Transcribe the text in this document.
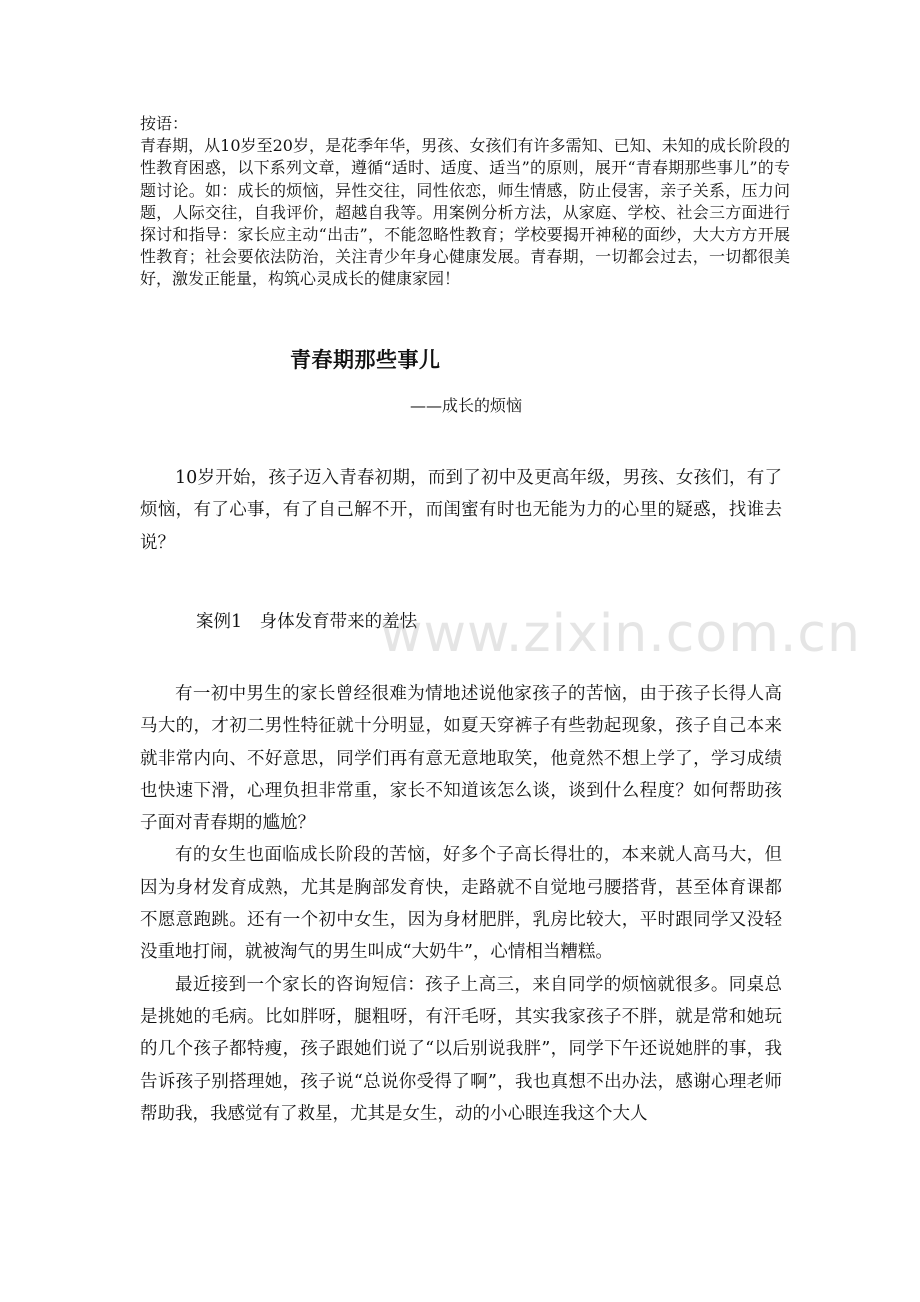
按语：

青春期，从10岁至20岁，是花季年华，男孩、女孩们有许多需知、已知、未知的成长阶段的性教育困惑，以下系列文章，遵循“适时、适度、适当”的原则，展开“青春期那些事儿”的专题讨论。如：成长的烦恼，异性交往，同性依恋，师生情感，防止侵害，亲子关系，压力问题，人际交往，自我评价，超越自我等。用案例分析方法，从家庭、学校、社会三方面进行探讨和指导：家长应主动“出击”，不能忽略性教育；学校要揭开神秘的面纱，大大方方开展性教育；社会要依法防治，关注青少年身心健康发展。青春期，一切都会过去，一切都很美好，激发正能量，构筑心灵成长的健康家园！

青春期那些事儿
——成长的烦恼

10岁开始，孩子迈入青春初期，而到了初中及更高年级，男孩、女孩们，有了烦恼，有了心事，有了自己解不开，而闺蜜有时也无能为力的心里的疑惑，找谁去说？

案例1　身体发育带来的羞怯
www.zixin.com.cn

有一初中男生的家长曾经很难为情地述说他家孩子的苦恼，由于孩子长得人高马大的，才初二男性特征就十分明显，如夏天穿裤子有些勃起现象，孩子自己本来就非常内向、不好意思，同学们再有意无意地取笑，他竟然不想上学了，学习成绩也快速下滑，心理负担非常重，家长不知道该怎么谈，谈到什么程度？如何帮助孩子面对青春期的尴尬？

有的女生也面临成长阶段的苦恼，好多个子高长得壮的，本来就人高马大，但因为身材发育成熟，尤其是胸部发育快，走路就不自觉地弓腰搭背，甚至体育课都不愿意跑跳。还有一个初中女生，因为身材肥胖，乳房比较大，平时跟同学又没轻没重地打闹，就被淘气的男生叫成“大奶牛”，心情相当糟糕。

最近接到一个家长的咨询短信：孩子上高三，来自同学的烦恼就很多。同桌总是挑她的毛病。比如胖呀，腿粗呀，有汗毛呀，其实我家孩子不胖，就是常和她玩的几个孩子都特瘦，孩子跟她们说了“以后别说我胖”，同学下午还说她胖的事，我告诉孩子别搭理她，孩子说“总说你受得了啊”，我也真想不出办法，感谢心理老师帮助我，我感觉有了救星，尤其是女生，动的小心眼连我这个大人
